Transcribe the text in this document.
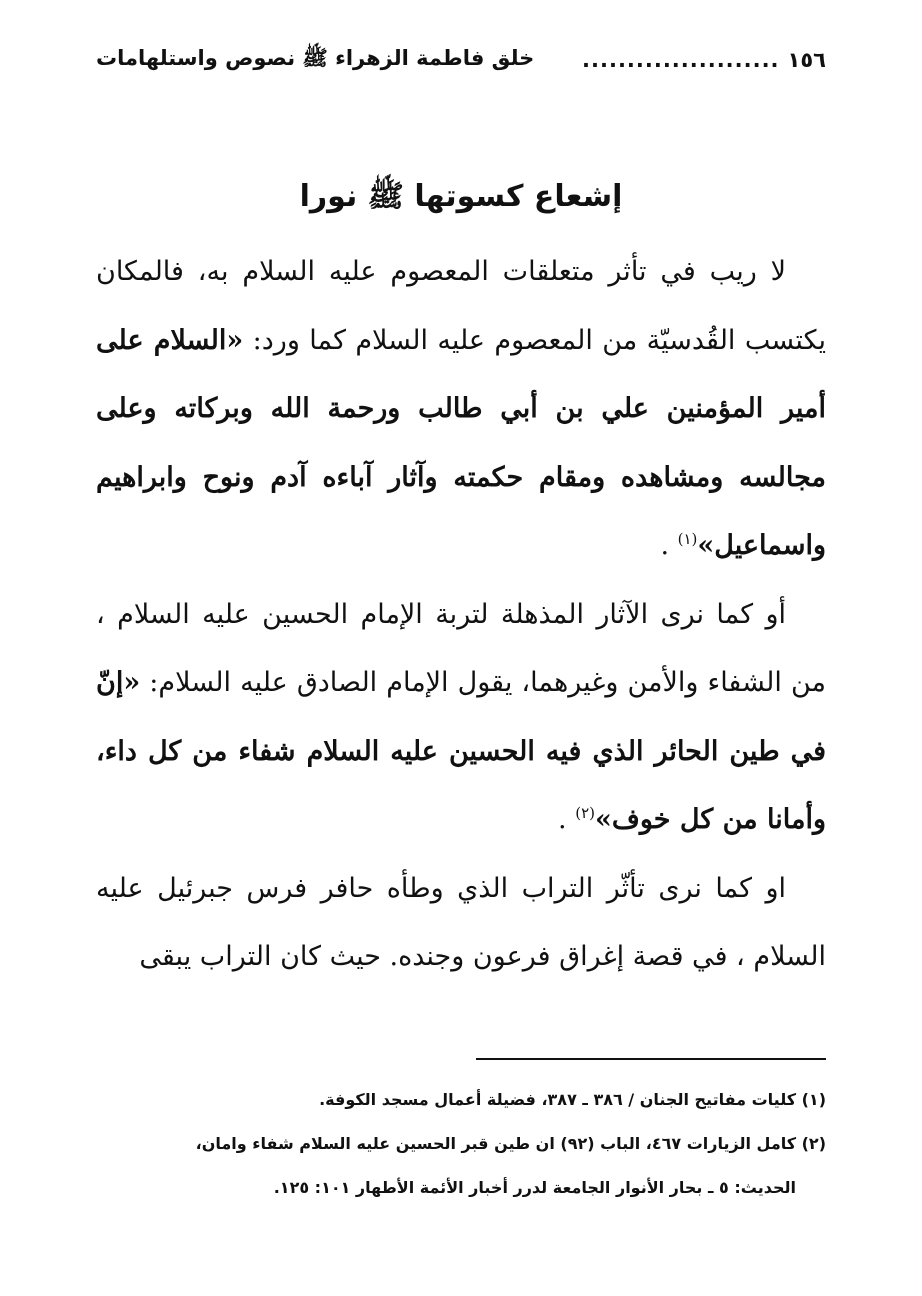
١٥٦
......................
خلق فاطمة الزهراء ﷺ نصوص واستلهامات
إشعاع كسوتها ﷺ نورا

لا ريب في تأثر متعلقات المعصوم عليه السلام به، فالمكان يكتسب القُدسيّة من المعصوم عليه السلام كما ورد: «السلام على أمير المؤمنين علي بن أبي طالب ورحمة الله وبركاته وعلى مجالسه ومشاهده ومقام حكمته وآثار آباءه آدم ونوح وابراهيم واسماعيل»$^{(١)}$ .

أو كما نرى الآثار المذهلة لتربة الإمام الحسين عليه السلام ، من الشفاء والأمن وغيرهما، يقول الإمام الصادق عليه السلام: «إنّ في طين الحائر الذي فيه الحسين عليه السلام شفاء من كل داء، وأمانا من كل خوف»$^{(٢)}$ .

او كما نرى تأثّر التراب الذي وطأه حافر فرس جبرئيل عليه السلام ، في قصة إغراق فرعون وجنده. حيث كان التراب يبقى

(١) كليات مفاتيح الجنان / ٣٨٦ ـ ٣٨٧، فضيلة أعمال مسجد الكوفة.

(٢) كامل الزيارات ٤٦٧، الباب (٩٢) ان طين قبر الحسين عليه السلام شفاء وامان،

الحديث: ٥ ـ بحار الأنوار الجامعة لدرر أخبار الأئمة الأطهار ١٠١: ١٢٥.
